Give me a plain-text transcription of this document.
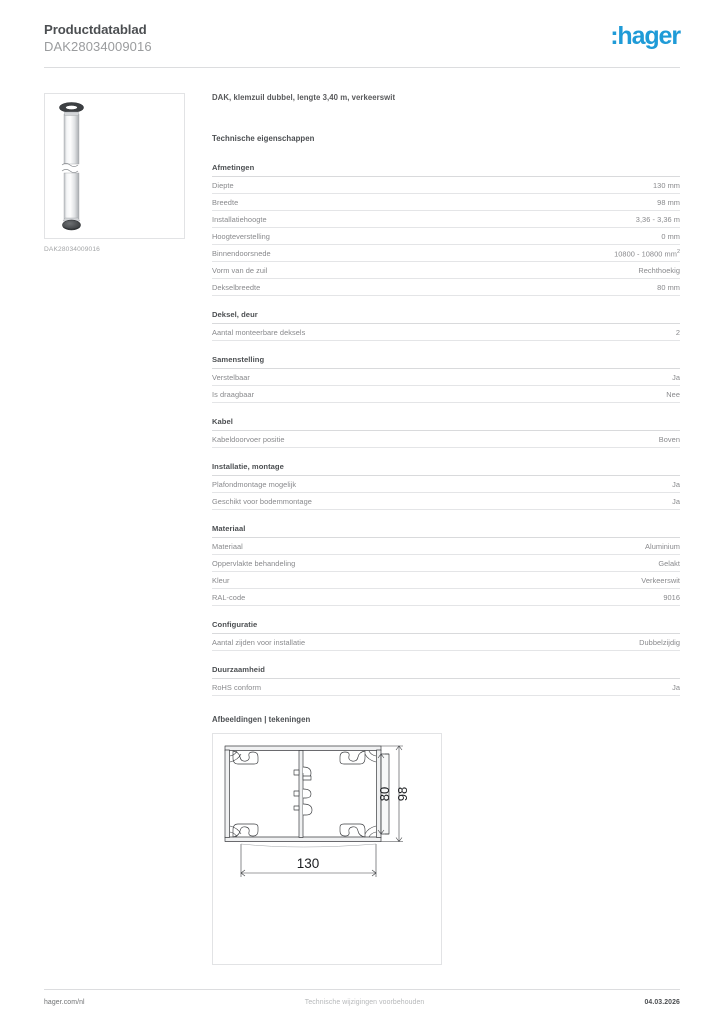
Productdatablad
DAK28034009016	:hager
DAK28034009016
DAK, klemzuil dubbel, lengte 3,40 m, verkeerswit
Technische eigenschappen
Afmetingen
Diepte	130 mm
Breedte	98 mm
Installatiehoogte	3,36 - 3,36 m
Hoogteverstelling	0 mm
Binnendoorsnede	10800 - 10800 $mm^2$
Vorm van de zuil	Rechthoekig
Dekselbreedte	80 mm
Deksel, deur
Aantal monteerbare deksels	2
Samenstelling
Verstelbaar	Ja
Is draagbaar	Nee
Kabel
Kabeldoorvoer positie	Boven
Installatie, montage
Plafondmontage mogelijk	Ja
Geschikt voor bodemmontage	Ja
Materiaal
Materiaal	Aluminium
Oppervlakte behandeling	Gelakt
Kleur	Verkeerswit
RAL-code	9016
Configuratie
Aantal zijden voor installatie	Dubbelzijdig
Duurzaamheid
RoHS conform	Ja
Afbeeldingen | tekeningen
98
80
130
hager.com/nl	Technische wijzigingen voorbehouden	04.03.2026
